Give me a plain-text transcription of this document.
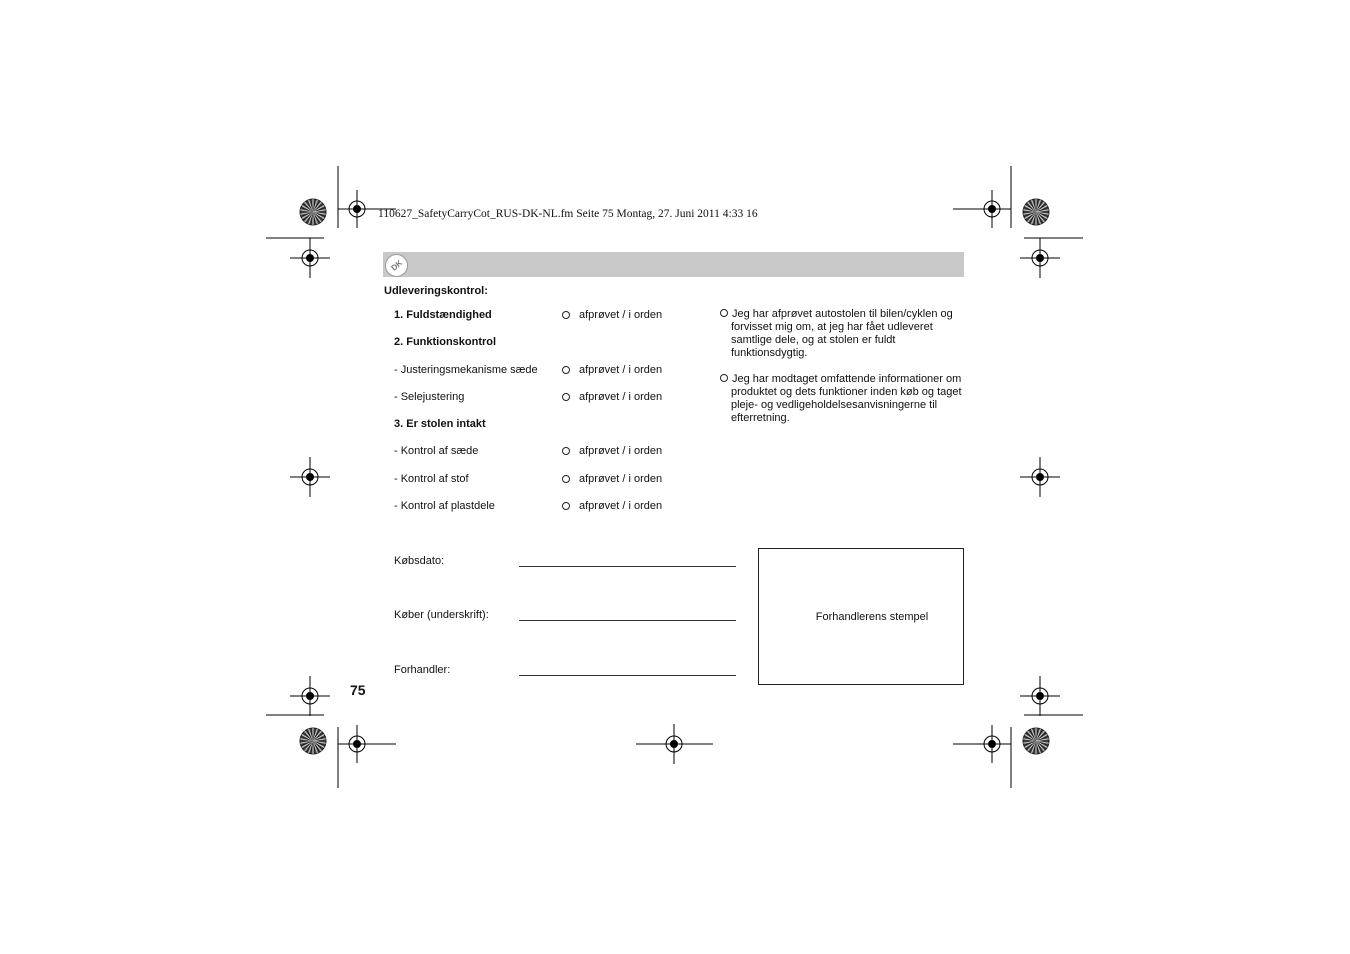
110627_SafetyCarryCot_RUS-DK-NL.fm Seite 75 Montag, 27. Juni 2011 4:33 16
DK
Udleveringskontrol:
1. Fuldstændighed	afprøvet / i orden
2. Funktionskontrol
- Justeringsmekanisme sæde	afprøvet / i orden
- Selejustering	afprøvet / i orden
3. Er stolen intakt
- Kontrol af sæde	afprøvet / i orden
- Kontrol af stof	afprøvet / i orden
- Kontrol af plastdele	afprøvet / i orden
Jeg har afprøvet autostolen til bilen/cyklen og forvisset mig om, at jeg har fået udleveret samtlige dele, og at stolen er fuldt funktionsdygtig.
Jeg har modtaget omfattende informationer om produktet og dets funktioner inden køb og taget pleje- og vedligeholdelsesanvisningerne til efterretning.
Købsdato:
Køber (underskrift):
Forhandler:
Forhandlerens stempel
75
